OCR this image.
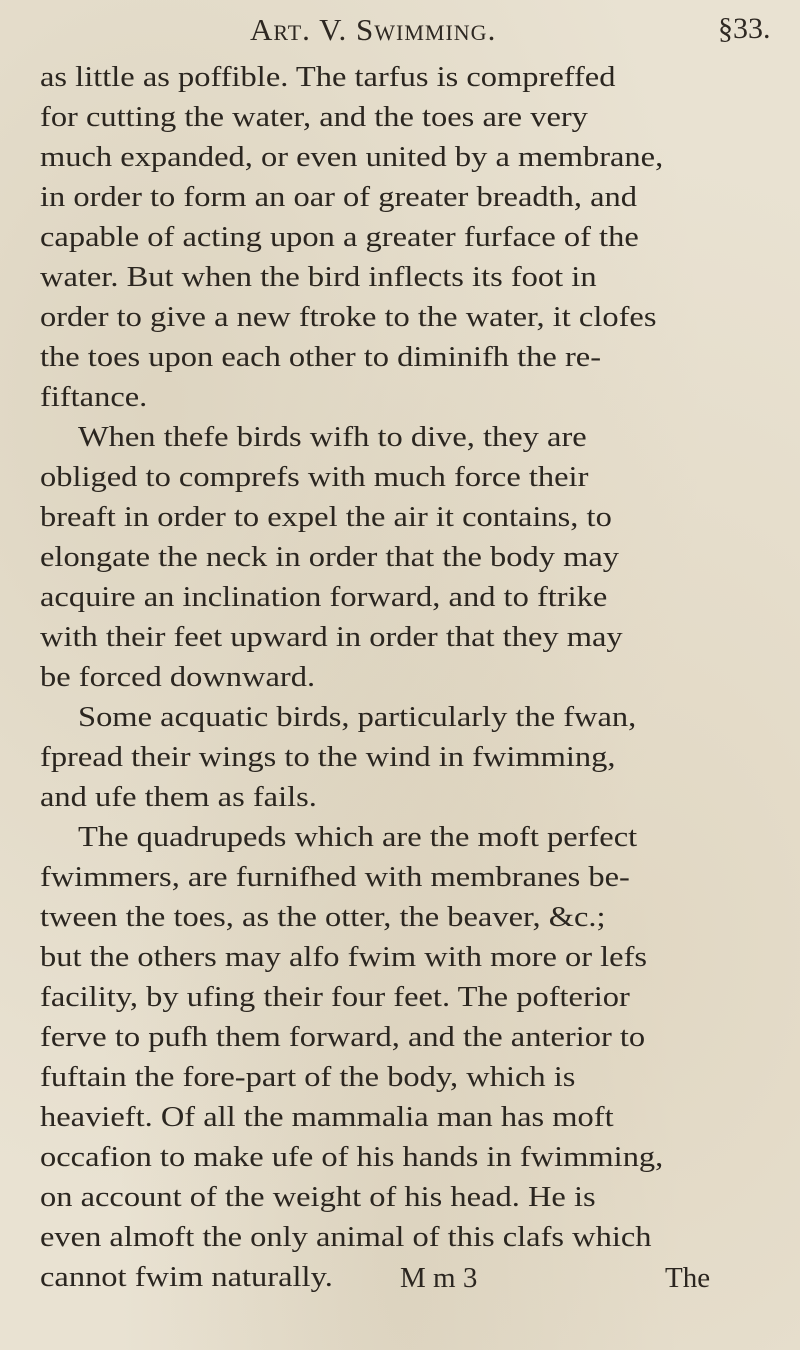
Art. V. Swimming.	§33.
as little as poffible. The tarfus is compreffed
for cutting the water, and the toes are very
much expanded, or even united by a membrane,
in order to form an oar of greater breadth, and
capable of acting upon a greater furface of the
water. But when the bird inflects its foot in
order to give a new ftroke to the water, it clofes
the toes upon each other to diminifh the re-
fiftance.
When thefe birds wifh to dive, they are
obliged to comprefs with much force their
breaft in order to expel the air it contains, to
elongate the neck in order that the body may
acquire an inclination forward, and to ftrike
with their feet upward in order that they may
be forced downward.
Some acquatic birds, particularly the fwan,
fpread their wings to the wind in fwimming,
and ufe them as fails.
The quadrupeds which are the moft perfect
fwimmers, are furnifhed with membranes be-
tween the toes, as the otter, the beaver, &c.;
but the others may alfo fwim with more or lefs
facility, by ufing their four feet. The pofterior
ferve to pufh them forward, and the anterior to
fuftain the fore-part of the body, which is
heavieft. Of all the mammalia man has moft
occafion to make ufe of his hands in fwimming,
on account of the weight of his head. He is
even almoft the only animal of this clafs which
cannot fwim naturally. M m 3	The
